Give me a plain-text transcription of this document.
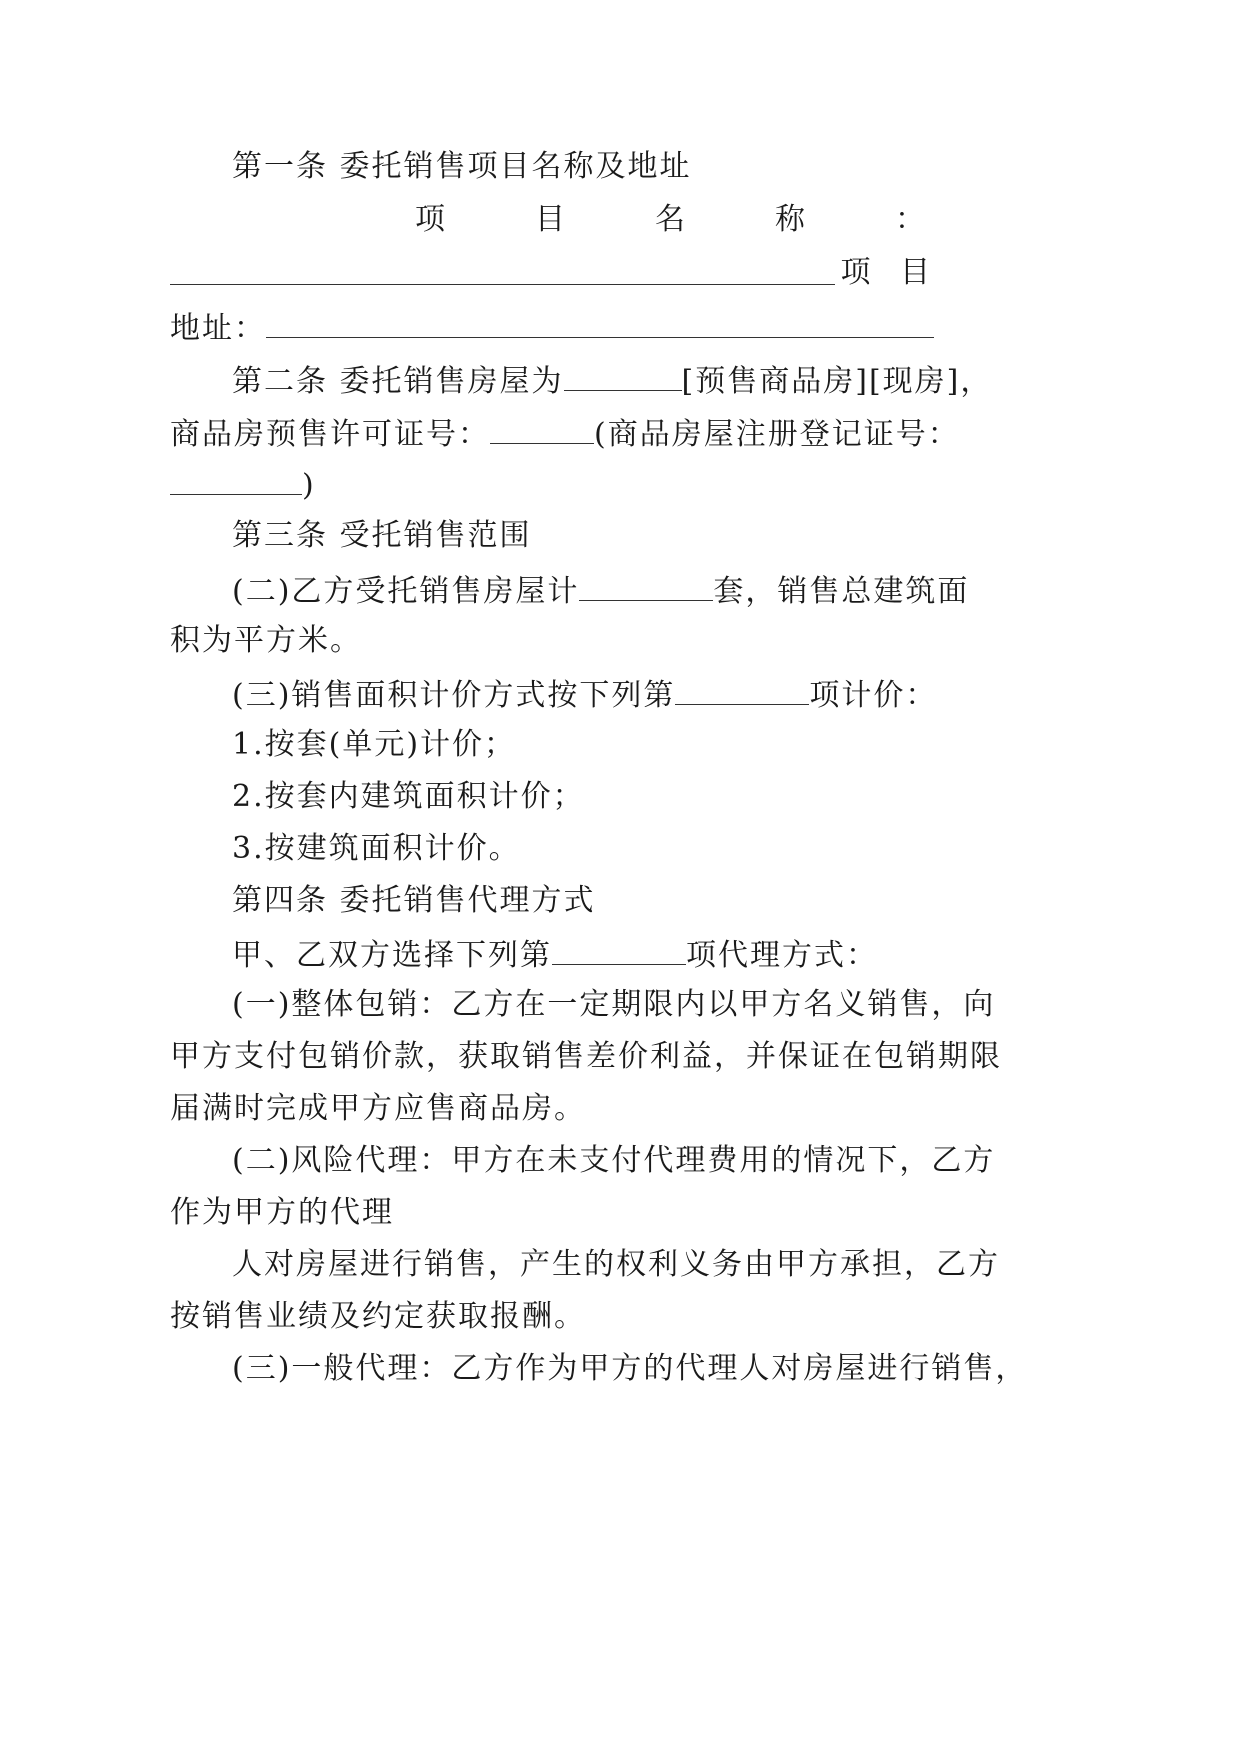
第一条 委托销售项目名称及地址
项	目	名	称	：
项 目
地址：
第二条 委托销售房屋为	[预售商品房][现房]，
商品房预售许可证号：	(商品房屋注册登记证号：
)
第三条 受托销售范围
(二)乙方受托销售房屋计	套，销售总建筑面
积为平方米。
(三)销售面积计价方式按下列第	项计价：
1.按套(单元)计价；
2.按套内建筑面积计价；
3.按建筑面积计价。
第四条 委托销售代理方式
甲、乙双方选择下列第	项代理方式：
(一)整体包销：乙方在一定期限内以甲方名义销售，向
甲方支付包销价款，获取销售差价利益，并保证在包销期限
届满时完成甲方应售商品房。
(二)风险代理：甲方在未支付代理费用的情况下，乙方
作为甲方的代理
人对房屋进行销售，产生的权利义务由甲方承担，乙方
按销售业绩及约定获取报酬。
(三)一般代理：乙方作为甲方的代理人对房屋进行销售，
